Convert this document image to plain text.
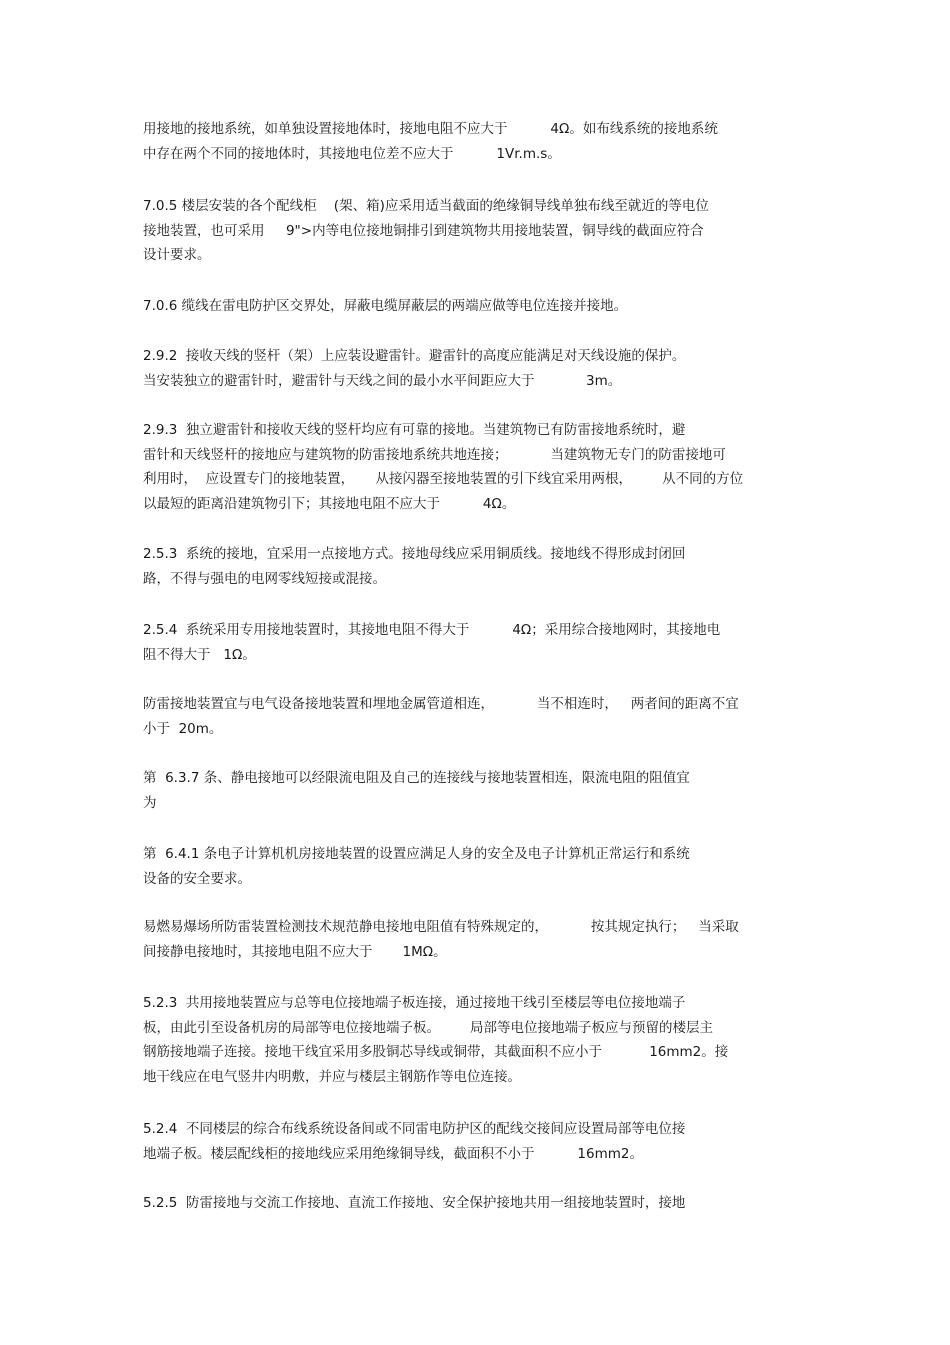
用接地的接地系统，如单独设置接地体时，接地电阻不应大于          4Ω。如布线系统的接地系统
中存在两个不同的接地体时，其接地电位差不应大于          1Vr.m.s。
7.0.5 楼层安装的各个配线柜    (架、箱)应采用适当截面的绝缘铜导线单独布线至就近的等电位
接地装置，也可采用     9">内等电位接地铜排引到建筑物共用接地装置，铜导线的截面应符合
设计要求。
7.0.6 缆线在雷电防护区交界处，屏蔽电缆屏蔽层的两端应做等电位连接并接地。
2.9.2  接收天线的竖杆（架）上应装设避雷针。避雷针的高度应能满足对天线设施的保护。
当安装独立的避雷针时，避雷针与天线之间的最小水平间距应大于            3m。
2.9.3  独立避雷针和接收天线的竖杆均应有可靠的接地。当建筑物已有防雷接地系统时，避
雷针和天线竖杆的接地应与建筑物的防雷接地系统共地连接；          当建筑物无专门的防雷接地可
利用时，  应设置专门的接地装置，     从接闪器至接地装置的引下线宜采用两根，       从不同的方位
以最短的距离沿建筑物引下；其接地电阻不应大于          4Ω。
2.5.3  系统的接地，宜采用一点接地方式。接地母线应采用铜质线。接地线不得形成封闭回
路，不得与强电的电网零线短接或混接。
2.5.4  系统采用专用接地装置时，其接地电阻不得大于          4Ω；采用综合接地网时，其接地电
阻不得大于   1Ω。
防雷接地装置宜与电气设备接地装置和埋地金属管道相连，          当不相连时，   两者间的距离不宜
小于  20m。
第  6.3.7 条、静电接地可以经限流电阻及自己的连接线与接地装置相连，限流电阻的阻值宜
为
第  6.4.1 条电子计算机机房接地装置的设置应满足人身的安全及电子计算机正常运行和系统
设备的安全要求。
易燃易爆场所防雷装置检测技术规范静电接地电阻值有特殊规定的，          按其规定执行；   当采取
间接静电接地时，其接地电阻不应大于       1MΩ。
5.2.3  共用接地装置应与总等电位接地端子板连接，通过接地干线引至楼层等电位接地端子
板，由此引至设备机房的局部等电位接地端子板。       局部等电位接地端子板应与预留的楼层主
钢筋接地端子连接。接地干线宜采用多股铜芯导线或铜带，其截面积不应小于           16mm2。接
地干线应在电气竖井内明敷，并应与楼层主钢筋作等电位连接。
5.2.4  不同楼层的综合布线系统设备间或不同雷电防护区的配线交接间应设置局部等电位接
地端子板。楼层配线柜的接地线应采用绝缘铜导线，截面积不小于          16mm2。
5.2.5  防雷接地与交流工作接地、直流工作接地、安全保护接地共用一组接地装置时，接地
